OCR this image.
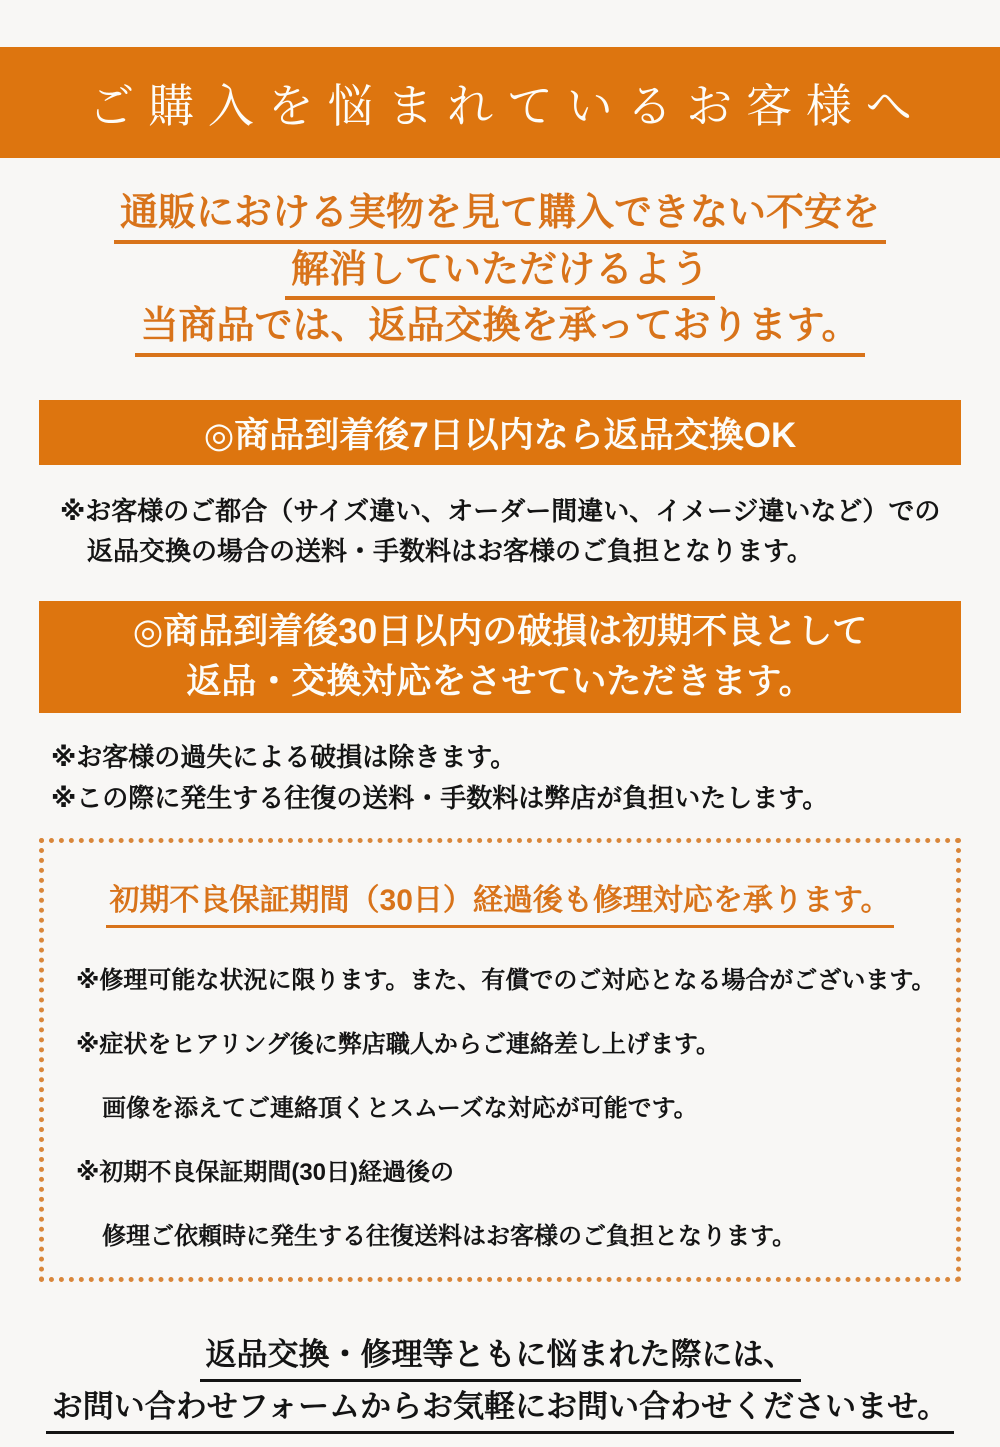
ご購入を悩まれているお客様へ
通販における実物を見て購入できない不安を
解消していただけるよう
当商品では、返品交換を承っております。
◎商品到着後7日以内なら返品交換OK
※お客様のご都合（サイズ違い、オーダー間違い、イメージ違いなど）での
返品交換の場合の送料・手数料はお客様のご負担となります。
◎商品到着後30日以内の破損は初期不良として
返品・交換対応をさせていただきます。
※お客様の過失による破損は除きます。
※この際に発生する往復の送料・手数料は弊店が負担いたします。
初期不良保証期間（30日）経過後も修理対応を承ります。
※修理可能な状況に限ります。また、有償でのご対応となる場合がございます。
※症状をヒアリング後に弊店職人からご連絡差し上げます。
画像を添えてご連絡頂くとスムーズな対応が可能です。
※初期不良保証期間(30日)経過後の
修理ご依頼時に発生する往復送料はお客様のご負担となります。
返品交換・修理等ともに悩まれた際には、
お問い合わせフォームからお気軽にお問い合わせくださいませ。
